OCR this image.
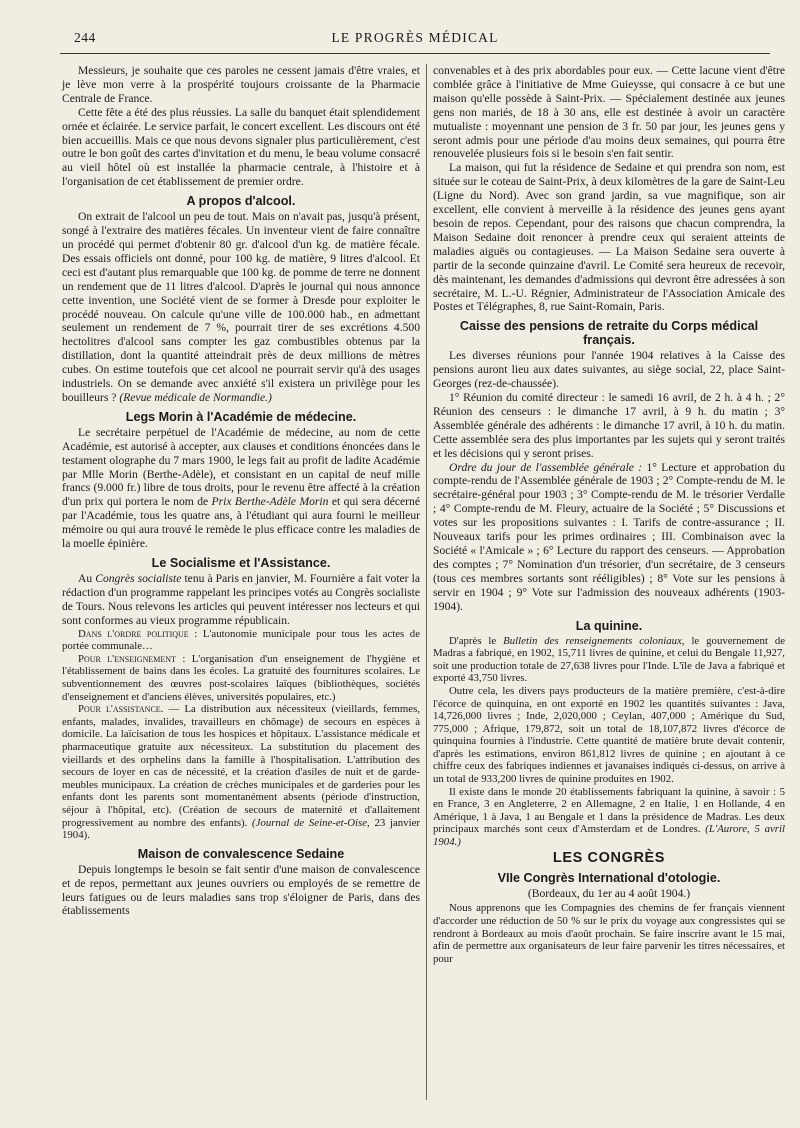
244	LE PROGRÈS MÉDICAL

Messieurs, je souhaite que ces paroles ne cessent jamais d'être vraies, et je lève mon verre à la prospérité toujours croissante de la Pharmacie Centrale de France.

Cette fête a été des plus réussies. La salle du banquet était splendidement ornée et éclairée. Le service parfait, le concert excellent. Les discours ont été bien accueillis. Mais ce que nous devons signaler plus particulièrement, c'est outre le bon goût des cartes d'invitation et du menu, le beau volume consacré au vieil hôtel où est installée la pharmacie centrale, à l'histoire et à l'organisation de cet établissement de premier ordre.

A propos d'alcool.

On extrait de l'alcool un peu de tout. Mais on n'avait pas, jusqu'à présent, songé à l'extraire des matières fécales. Un inventeur vient de faire connaître un procédé qui permet d'obtenir 80 gr. d'alcool d'un kg. de matière fécale. Des essais officiels ont donné, pour 100 kg. de matière, 9 litres d'alcool. Et ceci est d'autant plus remarquable que 100 kg. de pomme de terre ne donnent un rendement que de 11 litres d'alcool. D'après le journal qui nous annonce cette invention, une Société vient de se former à Dresde pour exploiter le procédé nouveau. On calcule qu'une ville de 100.000 hab., en admettant seulement un rendement de 7 %, pourrait tirer de ses excrétions 4.500 hectolitres d'alcool sans compter les gaz combustibles obtenus par la distillation, dont la quantité atteindrait près de deux millions de mètres cubes. On estime toutefois que cet alcool ne pourrait servir qu'à des usages industriels. On se demande avec anxiété s'il existera un privilège pour les bouilleurs ? (Revue médicale de Normandie.)

Legs Morin à l'Académie de médecine.

Le secrétaire perpétuel de l'Académie de médecine, au nom de cette Académie, est autorisé à accepter, aux clauses et conditions énoncées dans le testament olographe du 7 mars 1900, le legs fait au profit de ladite Académie par Mlle Morin (Berthe-Adèle), et consistant en un capital de neuf mille francs (9.000 fr.) libre de tous droits, pour le revenu être affecté à la création d'un prix qui portera le nom de Prix Berthe-Adèle Morin et qui sera décerné par l'Académie, tous les quatre ans, à l'étudiant qui aura fourni le meilleur mémoire ou qui aura trouvé le remède le plus efficace contre les maladies de la moelle épinière.

Le Socialisme et l'Assistance.

Au Congrès socialiste tenu à Paris en janvier, M. Fournière a fait voter la rédaction d'un programme rappelant les principes votés au Congrès socialiste de Tours. Nous relevons les articles qui peuvent intéresser nos lecteurs et qui sont conformes au vieux programme républicain.

Dans l'ordre politique : L'autonomie municipale pour tous les actes de portée communale…

Pour l'enseignement : L'organisation d'un enseignement de l'hygiène et l'établissement de bains dans les écoles. La gratuité des fournitures scolaires. Le subventionnement des œuvres post-scolaires laïques (bibliothèques, sociétés d'enseignement et d'anciens élèves, universités populaires, etc.)

Pour l'assistance. — La distribution aux nécessiteux (vieillards, femmes, enfants, malades, invalides, travailleurs en chômage) de secours en espèces à domicile. La laïcisation de tous les hospices et hôpitaux. L'assistance médicale et pharmaceutique gratuite aux nécessiteux. La substitution du placement des vieillards et des orphelins dans la famille à l'hospitalisation. L'attribution des secours de loyer en cas de nécessité, et la création d'asiles de nuit et de garde-meubles municipaux. La création de crèches municipales et de garderies pour les enfants dont les parents sont momentanément absents (période d'instruction, séjour à l'hôpital, etc). (Création de secours de maternité et d'allaitement progressivement au nombre des enfants). (Journal de Seine-et-Oise, 23 janvier 1904).

Maison de convalescence Sedaine

Depuis longtemps le besoin se fait sentir d'une maison de convalescence et de repos, permettant aux jeunes ouvriers ou employés de se remettre de leurs fatigues ou de leurs maladies sans trop s'éloigner de Paris, dans des établissements

convenables et à des prix abordables pour eux. — Cette lacune vient d'être comblée grâce à l'initiative de Mme Guieysse, qui consacre à ce but une maison qu'elle possède à Saint-Prix. — Spécialement destinée aux jeunes gens non mariés, de 18 à 30 ans, elle est destinée à avoir un caractère mutualiste : moyennant une pension de 3 fr. 50 par jour, les jeunes gens y seront admis pour une période d'au moins deux semaines, qui pourra être renouvelée plusieurs fois si le besoin s'en fait sentir.

La maison, qui fut la résidence de Sedaine et qui prendra son nom, est située sur le coteau de Saint-Prix, à deux kilomètres de la gare de Saint-Leu (Ligne du Nord). Avec son grand jardin, sa vue magnifique, son air excellent, elle convient à merveille à la résidence des jeunes gens ayant besoin de repos. Cependant, pour des raisons que chacun comprendra, la Maison Sedaine doit renoncer à prendre ceux qui seraient atteints de maladies aiguës ou contagieuses. — La Maison Sedaine sera ouverte à partir de la seconde quinzaine d'avril. Le Comité sera heureux de recevoir, dès maintenant, les demandes d'admissions qui devront être adressées à son secrétaire, M. L.-U. Régnier, Administrateur de l'Association Amicale des Postes et Télégraphes, 8, rue Saint-Romain, Paris.

Caisse des pensions de retraite du Corps médical français.

Les diverses réunions pour l'année 1904 relatives à la Caisse des pensions auront lieu aux dates suivantes, au siège social, 22, place Saint-Georges (rez-de-chaussée).

1° Réunion du comité directeur : le samedi 16 avril, de 2 h. à 4 h. ; 2° Réunion des censeurs : le dimanche 17 avril, à 9 h. du matin ; 3° Assemblée générale des adhérents : le dimanche 17 avril, à 10 h. du matin. Cette assemblée sera des plus importantes par les sujets qui y seront traités et les décisions qui y seront prises.

Ordre du jour de l'assemblée générale : 1° Lecture et approbation du compte-rendu de l'Assemblée générale de 1903 ; 2° Compte-rendu de M. le secrétaire-général pour 1903 ; 3° Compte-rendu de M. le trésorier Verdalle ; 4° Compte-rendu de M. Fleury, actuaire de la Société ; 5° Discussions et votes sur les propositions suivantes : I. Tarifs de contre-assurance ; II. Nouveaux tarifs pour les primes ordinaires ; III. Combinaison avec la Société « l'Amicale » ; 6° Lecture du rapport des censeurs. — Approbation des comptes ; 7° Nomination d'un trésorier, d'un secrétaire, de 3 censeurs (tous ces membres sortants sont rééligibles) ; 8° Vote sur les pensions à servir en 1904 ; 9° Vote sur l'admission des nouveaux adhérents (1903-1904).

La quinine.

D'après le Bulletin des renseignements coloniaux, le gouvernement de Madras a fabriqué, en 1902, 15,711 livres de quinine, et celui du Bengale 11,927, soit une production totale de 27,638 livres pour l'Inde. L'île de Java a fabriqué et exporté 43,750 livres.

Outre cela, les divers pays producteurs de la matière première, c'est-à-dire l'écorce de quinquina, en ont exporté en 1902 les quantités suivantes : Java, 14,726,000 livres ; Inde, 2,020,000 ; Ceylan, 407,000 ; Amérique du Sud, 775,000 ; Afrique, 179,872, soit un total de 18,107,872 livres d'écorce de quinquina fournies à l'industrie. Cette quantité de matière brute devait contenir, d'après les estimations, environ 861,812 livres de quinine ; en ajoutant à ce chiffre ceux des fabriques indiennes et javanaises indiqués ci-dessus, on arrive à un total de 933,200 livres de quinine produites en 1902.

Il existe dans le monde 20 établissements fabriquant la quinine, à savoir : 5 en France, 3 en Angleterre, 2 en Allemagne, 2 en Italie, 1 en Hollande, 4 en Amérique, 1 à Java, 1 au Bengale et 1 dans la présidence de Madras. Les deux principaux marchés sont ceux d'Amsterdam et de Londres. (L'Aurore, 5 avril 1904.)

LES CONGRÈS
VIIe Congrès International d'otologie.
(Bordeaux, du 1er au 4 août 1904.)

Nous apprenons que les Compagnies des chemins de fer français viennent d'accorder une réduction de 50 % sur le prix du voyage aux congressistes qui se rendront à Bordeaux au mois d'août prochain. Se faire inscrire avant le 15 mai, afin de permettre aux organisateurs de leur faire parvenir les titres nécessaires, et pour
